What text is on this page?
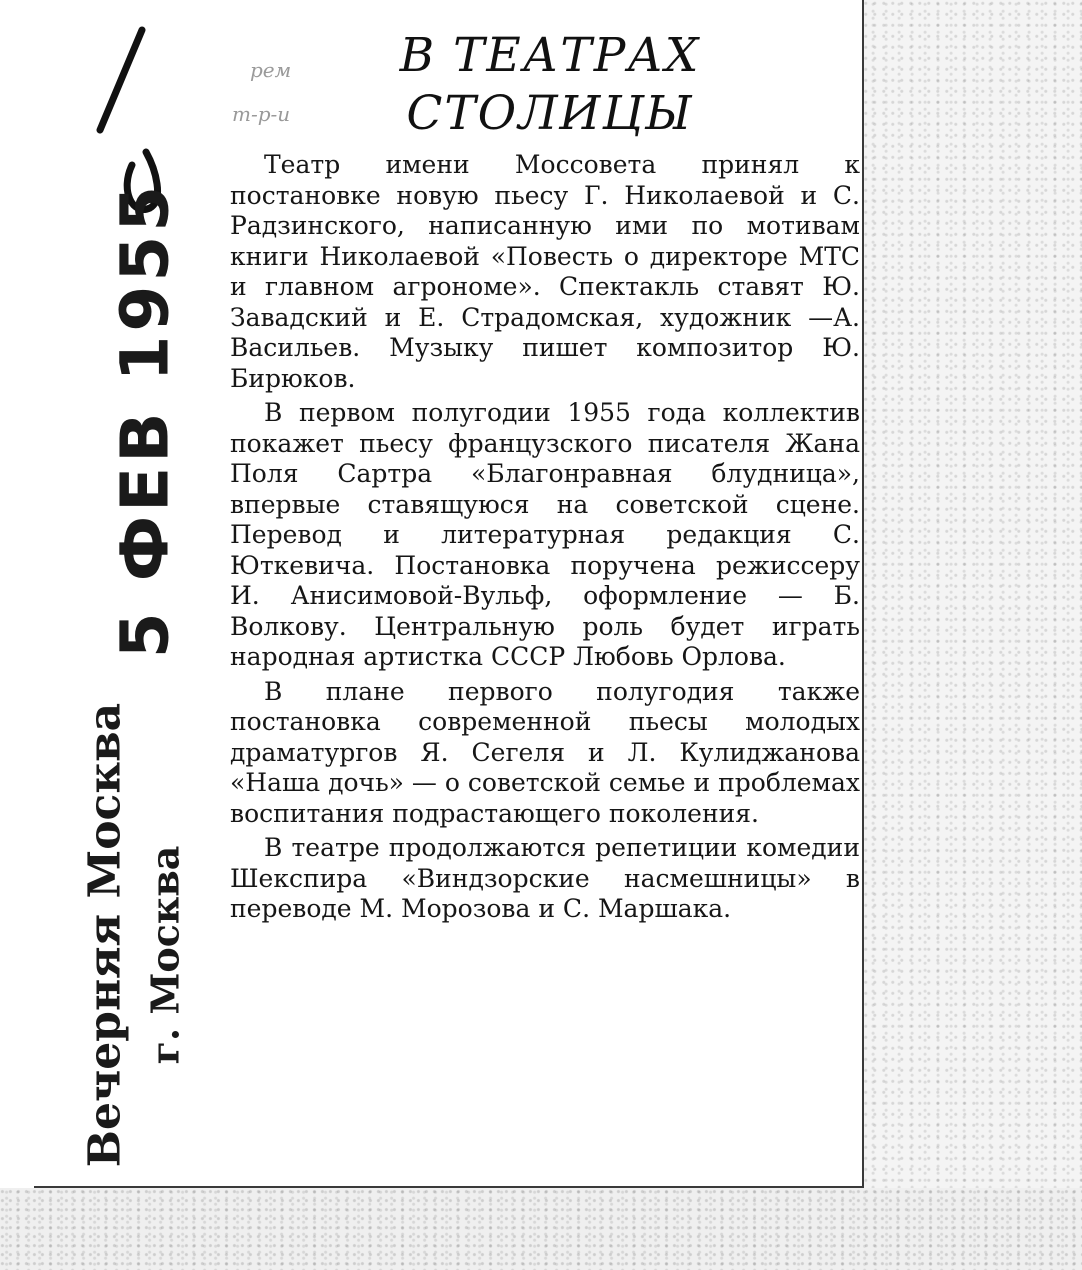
рем
т-р-и
В ТЕАТРАХ
СТОЛИЦЫ

Театр имени Моссовета принял к постановке новую пьесу Г. Николаевой и С. Радзинского, написанную ими по мотивам книги Николаевой «Повесть о директоре МТС и главном агрономе». Спектакль ставят Ю. Завадский и Е. Страдомская, художник —А. Васильев. Музыку пишет композитор Ю. Бирюков.

В первом полугодии 1955 года коллектив покажет пьесу французского писателя Жана Поля Сартра «Благонравная блудница», впервые ставящуюся на советской сцене. Перевод и литературная редакция С. Юткевича. Постановка поручена режиссеру И. Анисимовой-Вульф, оформление — Б. Волкову. Центральную роль будет играть народная артистка СССР Любовь Орлова.

В плане первого полугодия также постановка современной пьесы молодых драматургов Я. Сегеля и Л. Кулиджанова «Наша дочь» — о советской семье и проблемах воспитания подрастающего поколения.

В театре продолжаются репетиции комедии Шекспира «Виндзорские насмешницы» в переводе М. Морозова и С. Маршака.

5 ФЕВ 1955
Вечерняя Москва г. Москва
